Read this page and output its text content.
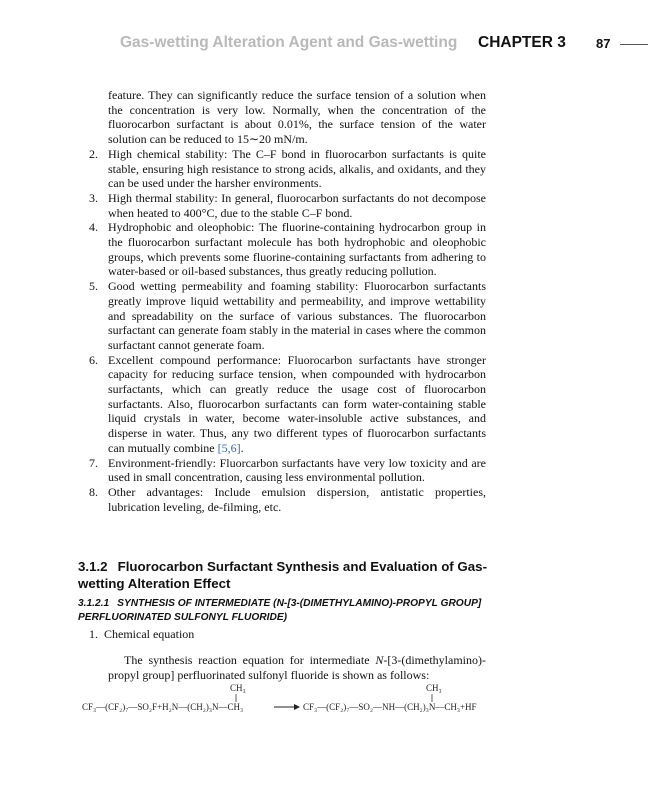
Gas-wetting Alteration Agent and Gas-wetting CHAPTER 3 87

feature. They can significantly reduce the surface tension of a solution when the concentration is very low. Normally, when the concentration of the fluorocarbon surfactant is about 0.01%, the surface tension of the water solution can be reduced to 15∼20 mN/m.

2. High chemical stability: The C–F bond in fluorocarbon surfactants is quite stable, ensuring high resistance to strong acids, alkalis, and oxidants, and they can be used under the harsher environments.
3. High thermal stability: In general, fluorocarbon surfactants do not decompose when heated to 400°C, due to the stable C–F bond.
4. Hydrophobic and oleophobic: The fluorine-containing hydrocarbon group in the fluorocarbon surfactant molecule has both hydrophobic and oleophobic groups, which prevents some fluorine-containing surfactants from adhering to water-based or oil-based substances, thus greatly reducing pollution.
5. Good wetting permeability and foaming stability: Fluorocarbon surfactants greatly improve liquid wettability and permeability, and improve wettability and spreadability on the surface of various substances. The fluorocarbon surfactant can generate foam stably in the material in cases where the common surfactant cannot generate foam.
6. Excellent compound performance: Fluorocarbon surfactants have stronger capacity for reducing surface tension, when compounded with hydrocarbon surfactants, which can greatly reduce the usage cost of fluorocarbon surfactants. Also, fluorocarbon surfactants can form water-containing stable liquid crystals in water, become water-insoluble active substances, and disperse in water. Thus, any two different types of fluorocarbon surfactants can mutually combine [5,6].
7. Environment-friendly: Fluorcarbon surfactants have very low toxicity and are used in small concentration, causing less environmental pollution.
8. Other advantages: Include emulsion dispersion, antistatic properties, lubrication leveling, de-filming, etc.
3.1.2 Fluorocarbon Surfactant Synthesis and Evaluation of Gas-wetting Alteration Effect
3.1.2.1 SYNTHESIS OF INTERMEDIATE (N-[3-(DIMETHYLAMINO)-PROPYL GROUP] PERFLUORINATED SULFONYL FLUORIDE)
1. Chemical equation

The synthesis reaction equation for intermediate N-[3-(dimethylamino)-propyl group] perfluorinated sulfonyl fluoride is shown as follows:

CH₃
CF₃—(CF₂)₇—SO₂F+H₂N—(CH₂)₃N—CH₃
CH₃
CF₃—(CF₂)₇—SO₂—NH—(CH₂)₃N—CH₃+HF
